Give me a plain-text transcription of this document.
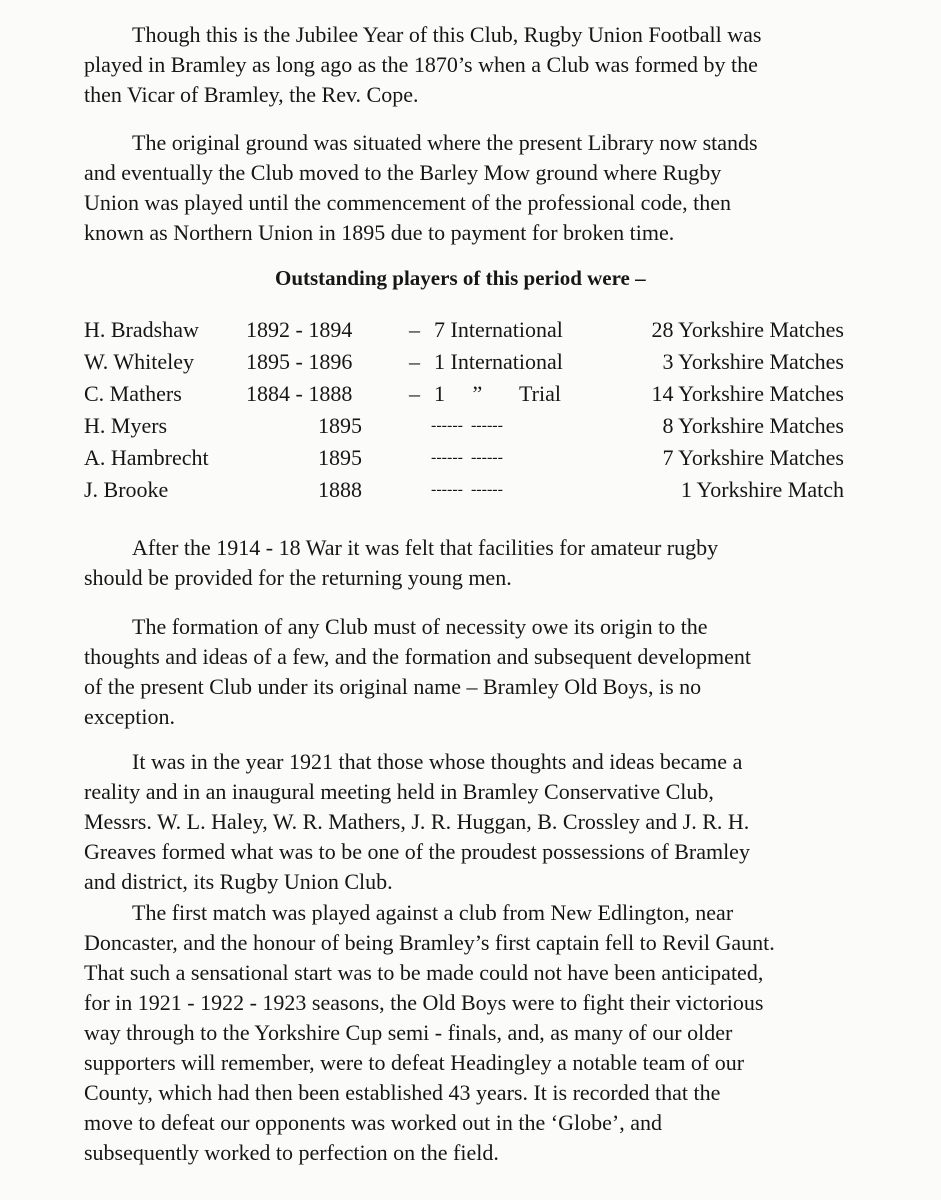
Though this is the Jubilee Year of this Club, Rugby Union Football was
played in Bramley as long ago as the 1870’s when a Club was formed by the
then Vicar of Bramley, the Rev. Cope.

The original ground was situated where the present Library now stands
and eventually the Club moved to the Barley Mow ground where Rugby
Union was played until the commencement of the professional code, then
known as Northern Union in 1895 due to payment for broken time.

Outstanding players of this period were –

H. Bradshaw 1892 - 1894	– 7 International	28 Yorkshire Matches
W. Whiteley 1895 - 1896	– 1 International	3 Yorkshire Matches
C. Mathers	1884 - 1888	– 1     ” Trial	14 Yorkshire Matches
H. Myers	1895	------  ------	8 Yorkshire Matches
A. Hambrecht	1895	------  ------	7 Yorkshire Matches
J. Brooke	1888	------  ------	1 Yorkshire Match

After the 1914 - 18 War it was felt that facilities for amateur rugby
should be provided for the returning young men.

The formation of any Club must of necessity owe its origin to the
thoughts and ideas of a few, and the formation and subsequent development
of the present Club under its original name – Bramley Old Boys, is no
exception.

It was in the year 1921 that those whose thoughts and ideas became a
reality and in an inaugural meeting held in Bramley Conservative Club,
Messrs. W. L. Haley, W. R. Mathers, J. R. Huggan, B. Crossley and J. R. H.
Greaves formed what was to be one of the proudest possessions of Bramley
and district, its Rugby Union Club.

The first match was played against a club from New Edlington, near
Doncaster, and the honour of being Bramley’s first captain fell to Revil Gaunt.
That such a sensational start was to be made could not have been anticipated,
for in 1921 - 1922 - 1923 seasons, the Old Boys were to fight their victorious
way through to the Yorkshire Cup semi - finals, and, as many of our older
supporters will remember, were to defeat Headingley a notable team of our
County, which had then been established 43 years. It is recorded that the
move to defeat our opponents was worked out in the ‘Globe’, and
subsequently worked to perfection on the field.
